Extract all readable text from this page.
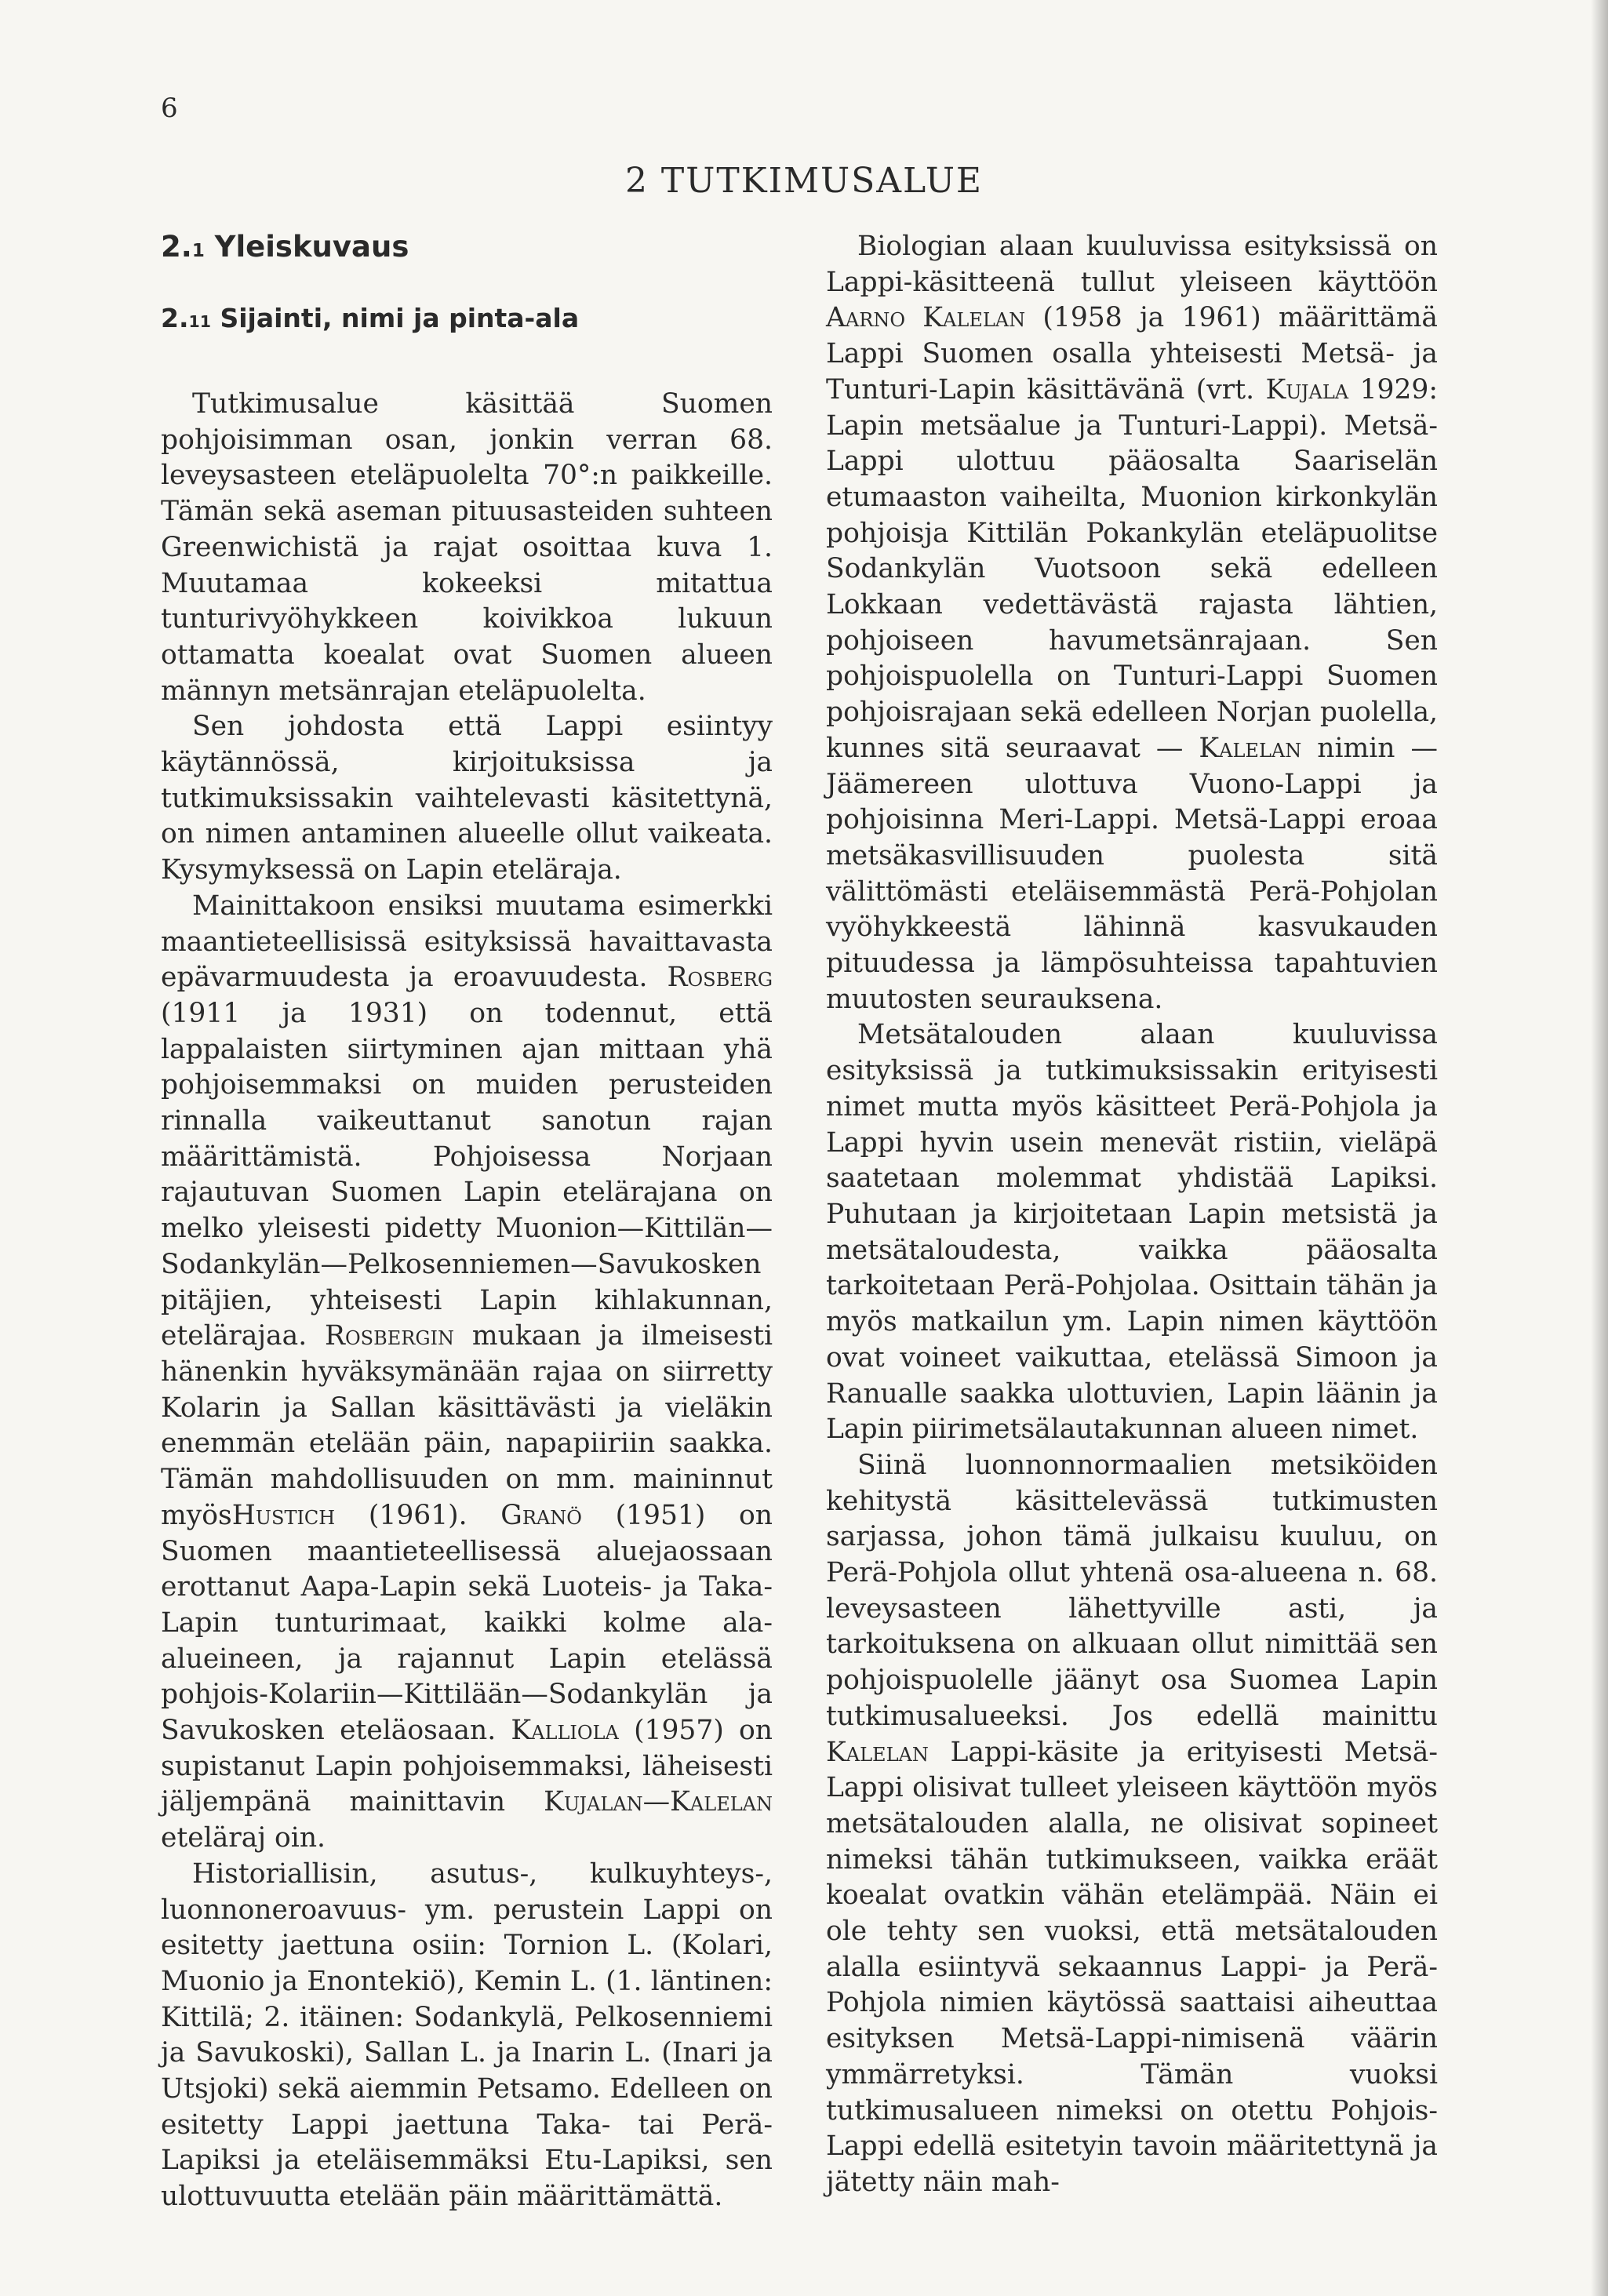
6
2 TUTKIMUSALUE
2.1 Yleiskuvaus
2.11 Sijainti, nimi ja pinta-ala

Tutkimusalue käsittää Suomen pohjoisimman osan, jonkin verran 68. leveysasteen eteläpuolelta 70°:n paikkeille. Tämän sekä aseman pituusasteiden suhteen Greenwichistä ja rajat osoittaa kuva 1. Muutamaa kokeeksi mitattua tunturivyöhykkeen koivikkoa lukuun ottamatta koealat ovat Suomen alueen männyn metsänrajan eteläpuolelta.

Sen johdosta että Lappi esiintyy käytännössä, kirjoituksissa ja tutkimuksissakin vaihtelevasti käsitettynä, on nimen antaminen alueelle ollut vaikeata. Kysymyksessä on Lapin eteläraja.

Mainittakoon ensiksi muutama esimerkki maantieteellisissä esityksissä havaittavasta epävarmuudesta ja eroavuudesta. Rosberg (1911 ja 1931) on todennut, että lappalaisten siirtyminen ajan mittaan yhä pohjoisemmaksi on muiden perusteiden rinnalla vaikeuttanut sanotun rajan määrittämistä. Pohjoisessa Norjaan rajautuvan Suomen Lapin etelärajana on melko yleisesti pidetty Muonion—Kittilän—Sodankylän—Pelkosenniemen—Savukosken pitäjien, yhteisesti Lapin kihlakunnan, etelärajaa. Rosbergin mukaan ja ilmeisesti hänenkin hyväksymänään rajaa on siirretty Kolarin ja Sallan käsittävästi ja vieläkin enemmän etelään päin, napapiiriin saakka. Tämän mahdollisuuden on mm. maininnut myösHustich (1961). Granö (1951) on Suomen maantieteellisessä aluejaossaan erottanut Aapa-Lapin sekä Luoteis- ja Taka-Lapin tunturimaat, kaikki kolme ala-alueineen, ja rajannut Lapin etelässä pohjois-Kolariin—Kittilään—Sodankylän ja Savukosken eteläosaan. Kalliola (1957) on supistanut Lapin pohjoisemmaksi, läheisesti jäljempänä mainittavin Kujalan—Kalelan eteläraj oin.

Historiallisin, asutus-, kulkuyhteys-, luonnoneroavuus- ym. perustein Lappi on esitetty jaettuna osiin: Tornion L. (Kolari, Muonio ja Enontekiö), Kemin L. (1. läntinen: Kittilä; 2. itäinen: Sodankylä, Pelkosenniemi ja Savukoski), Sallan L. ja Inarin L. (Inari ja Utsjoki) sekä aiemmin Petsamo. Edelleen on esitetty Lappi jaettuna Taka- tai Perä-Lapiksi ja eteläisemmäksi Etu-Lapiksi, sen ulottuvuutta etelään päin määrittämättä.

Biologian alaan kuuluvissa esityksissä on Lappi-käsitteenä tullut yleiseen käyttöön Aarno Kalelan (1958 ja 1961) määrittämä Lappi Suomen osalla yhteisesti Metsä- ja Tunturi-Lapin käsittävänä (vrt. Kujala 1929: Lapin metsäalue ja Tunturi-Lappi). Metsä-Lappi ulottuu pääosalta Saariselän etumaaston vaiheilta, Muonion kirkonkylän pohjoisja Kittilän Pokankylän eteläpuolitse Sodankylän Vuotsoon sekä edelleen Lokkaan vedettävästä rajasta lähtien, pohjoiseen havumetsänrajaan. Sen pohjoispuolella on Tunturi-Lappi Suomen pohjoisrajaan sekä edelleen Norjan puolella, kunnes sitä seuraavat — Kalelan nimin — Jäämereen ulottuva Vuono-Lappi ja pohjoisinna Meri-Lappi. Metsä-Lappi eroaa metsäkasvillisuuden puolesta sitä välittömästi eteläisemmästä Perä-Pohjolan vyöhykkeestä lähinnä kasvukauden pituudessa ja lämpösuhteissa tapahtuvien muutosten seurauksena.

Metsätalouden alaan kuuluvissa esityksissä ja tutkimuksissakin erityisesti nimet mutta myös käsitteet Perä-Pohjola ja Lappi hyvin usein menevät ristiin, vieläpä saatetaan molemmat yhdistää Lapiksi. Puhutaan ja kirjoitetaan Lapin metsistä ja metsätaloudesta, vaikka pääosalta tarkoitetaan Perä-Pohjolaa. Osittain tähän ja myös matkailun ym. Lapin nimen käyttöön ovat voineet vaikuttaa, etelässä Simoon ja Ranualle saakka ulottuvien, Lapin läänin ja Lapin piirimetsälautakunnan alueen nimet.

Siinä luonnonnormaalien metsiköiden kehitystä käsittelevässä tutkimusten sarjassa, johon tämä julkaisu kuuluu, on Perä-Pohjola ollut yhtenä osa-alueena n. 68. leveysasteen lähettyville asti, ja tarkoituksena on alkuaan ollut nimittää sen pohjoispuolelle jäänyt osa Suomea Lapin tutkimusalueeksi. Jos edellä mainittu Kalelan Lappi-käsite ja erityisesti Metsä-Lappi olisivat tulleet yleiseen käyttöön myös metsätalouden alalla, ne olisivat sopineet nimeksi tähän tutkimukseen, vaikka eräät koealat ovatkin vähän etelämpää. Näin ei ole tehty sen vuoksi, että metsätalouden alalla esiintyvä sekaannus Lappi- ja Perä-Pohjola nimien käytössä saattaisi aiheuttaa esityksen Metsä-Lappi-nimisenä väärin ymmärretyksi. Tämän vuoksi tutkimusalueen nimeksi on otettu Pohjois-Lappi edellä esitetyin tavoin määritettynä ja jätetty näin mah-
